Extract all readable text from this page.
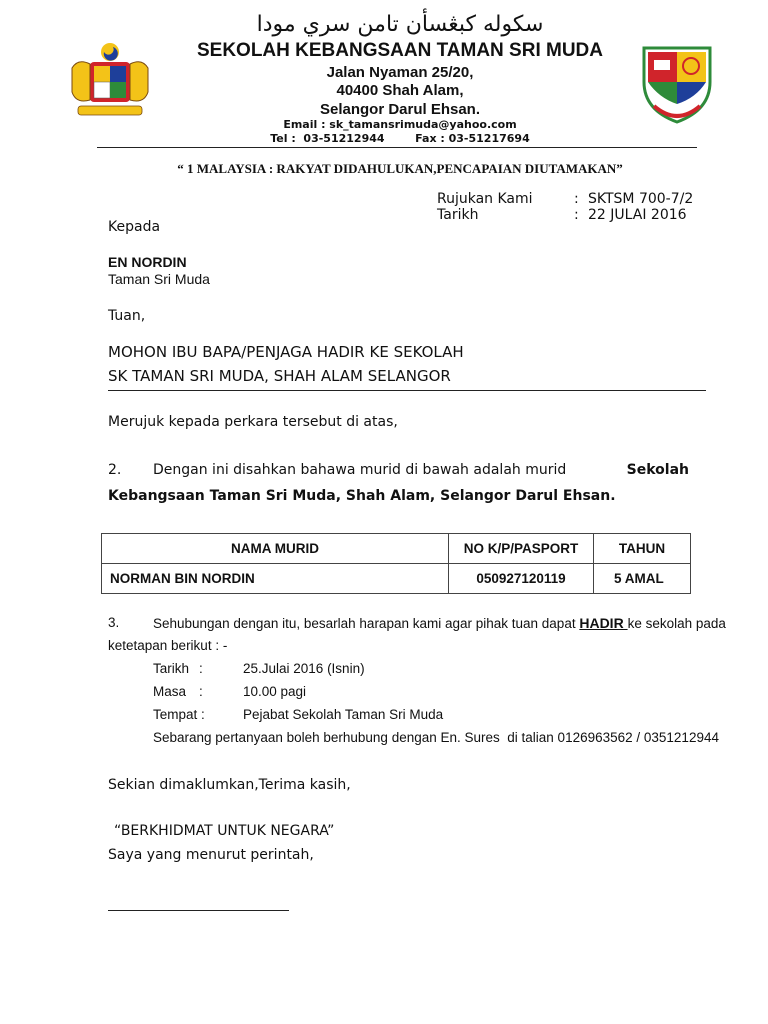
سکوله کبڠسأن تامن سري مودا
SEKOLAH KEBANGSAAN TAMAN SRI MUDA
Jalan Nyaman 25/20,
40400 Shah Alam,
Selangor Darul Ehsan.
Email : sk_tamansrimuda@yahoo.com
Tel :  03-51212944        Fax : 03-51217694
“ 1 MALAYSIA : RAKYAT DIDAHULUKAN,PENCAPAIAN DIUTAMAKAN”
Rujukan Kami	: SKTSM 700-7/2
Tarikh	: 22 JULAI 2016
Kepada
EN NORDIN
Taman Sri Muda
Tuan,
MOHON IBU BAPA/PENJAGA HADIR KE SEKOLAH
SK TAMAN SRI MUDA, SHAH ALAM SELANGOR
Merujuk kepada perkara tersebut di atas,
2. Dengan ini disahkan bahawa murid di bawah adalah murid	Sekolah
Kebangsaan Taman Sri Muda, Shah Alam, Selangor Darul Ehsan.
NAMA MURID	NO K/P/PASPORT	TAHUN
NORMAN BIN NORDIN	050927120119	5 AMAL
3. Sehubungan dengan itu, besarlah harapan kami agar pihak tuan dapat HADIR ke sekolah pada
ketetapan berikut : -
Tarikh :	25.Julai 2016 (Isnin)
Masa :	10.00 pagi
Tempat :	Pejabat Sekolah Taman Sri Muda
Sebarang pertanyaan boleh berhubung dengan En. Sures  di talian 0126963562 / 0351212944
Sekian dimaklumkan,Terima kasih,
“BERKHIDMAT UNTUK NEGARA”
Saya yang menurut perintah,
